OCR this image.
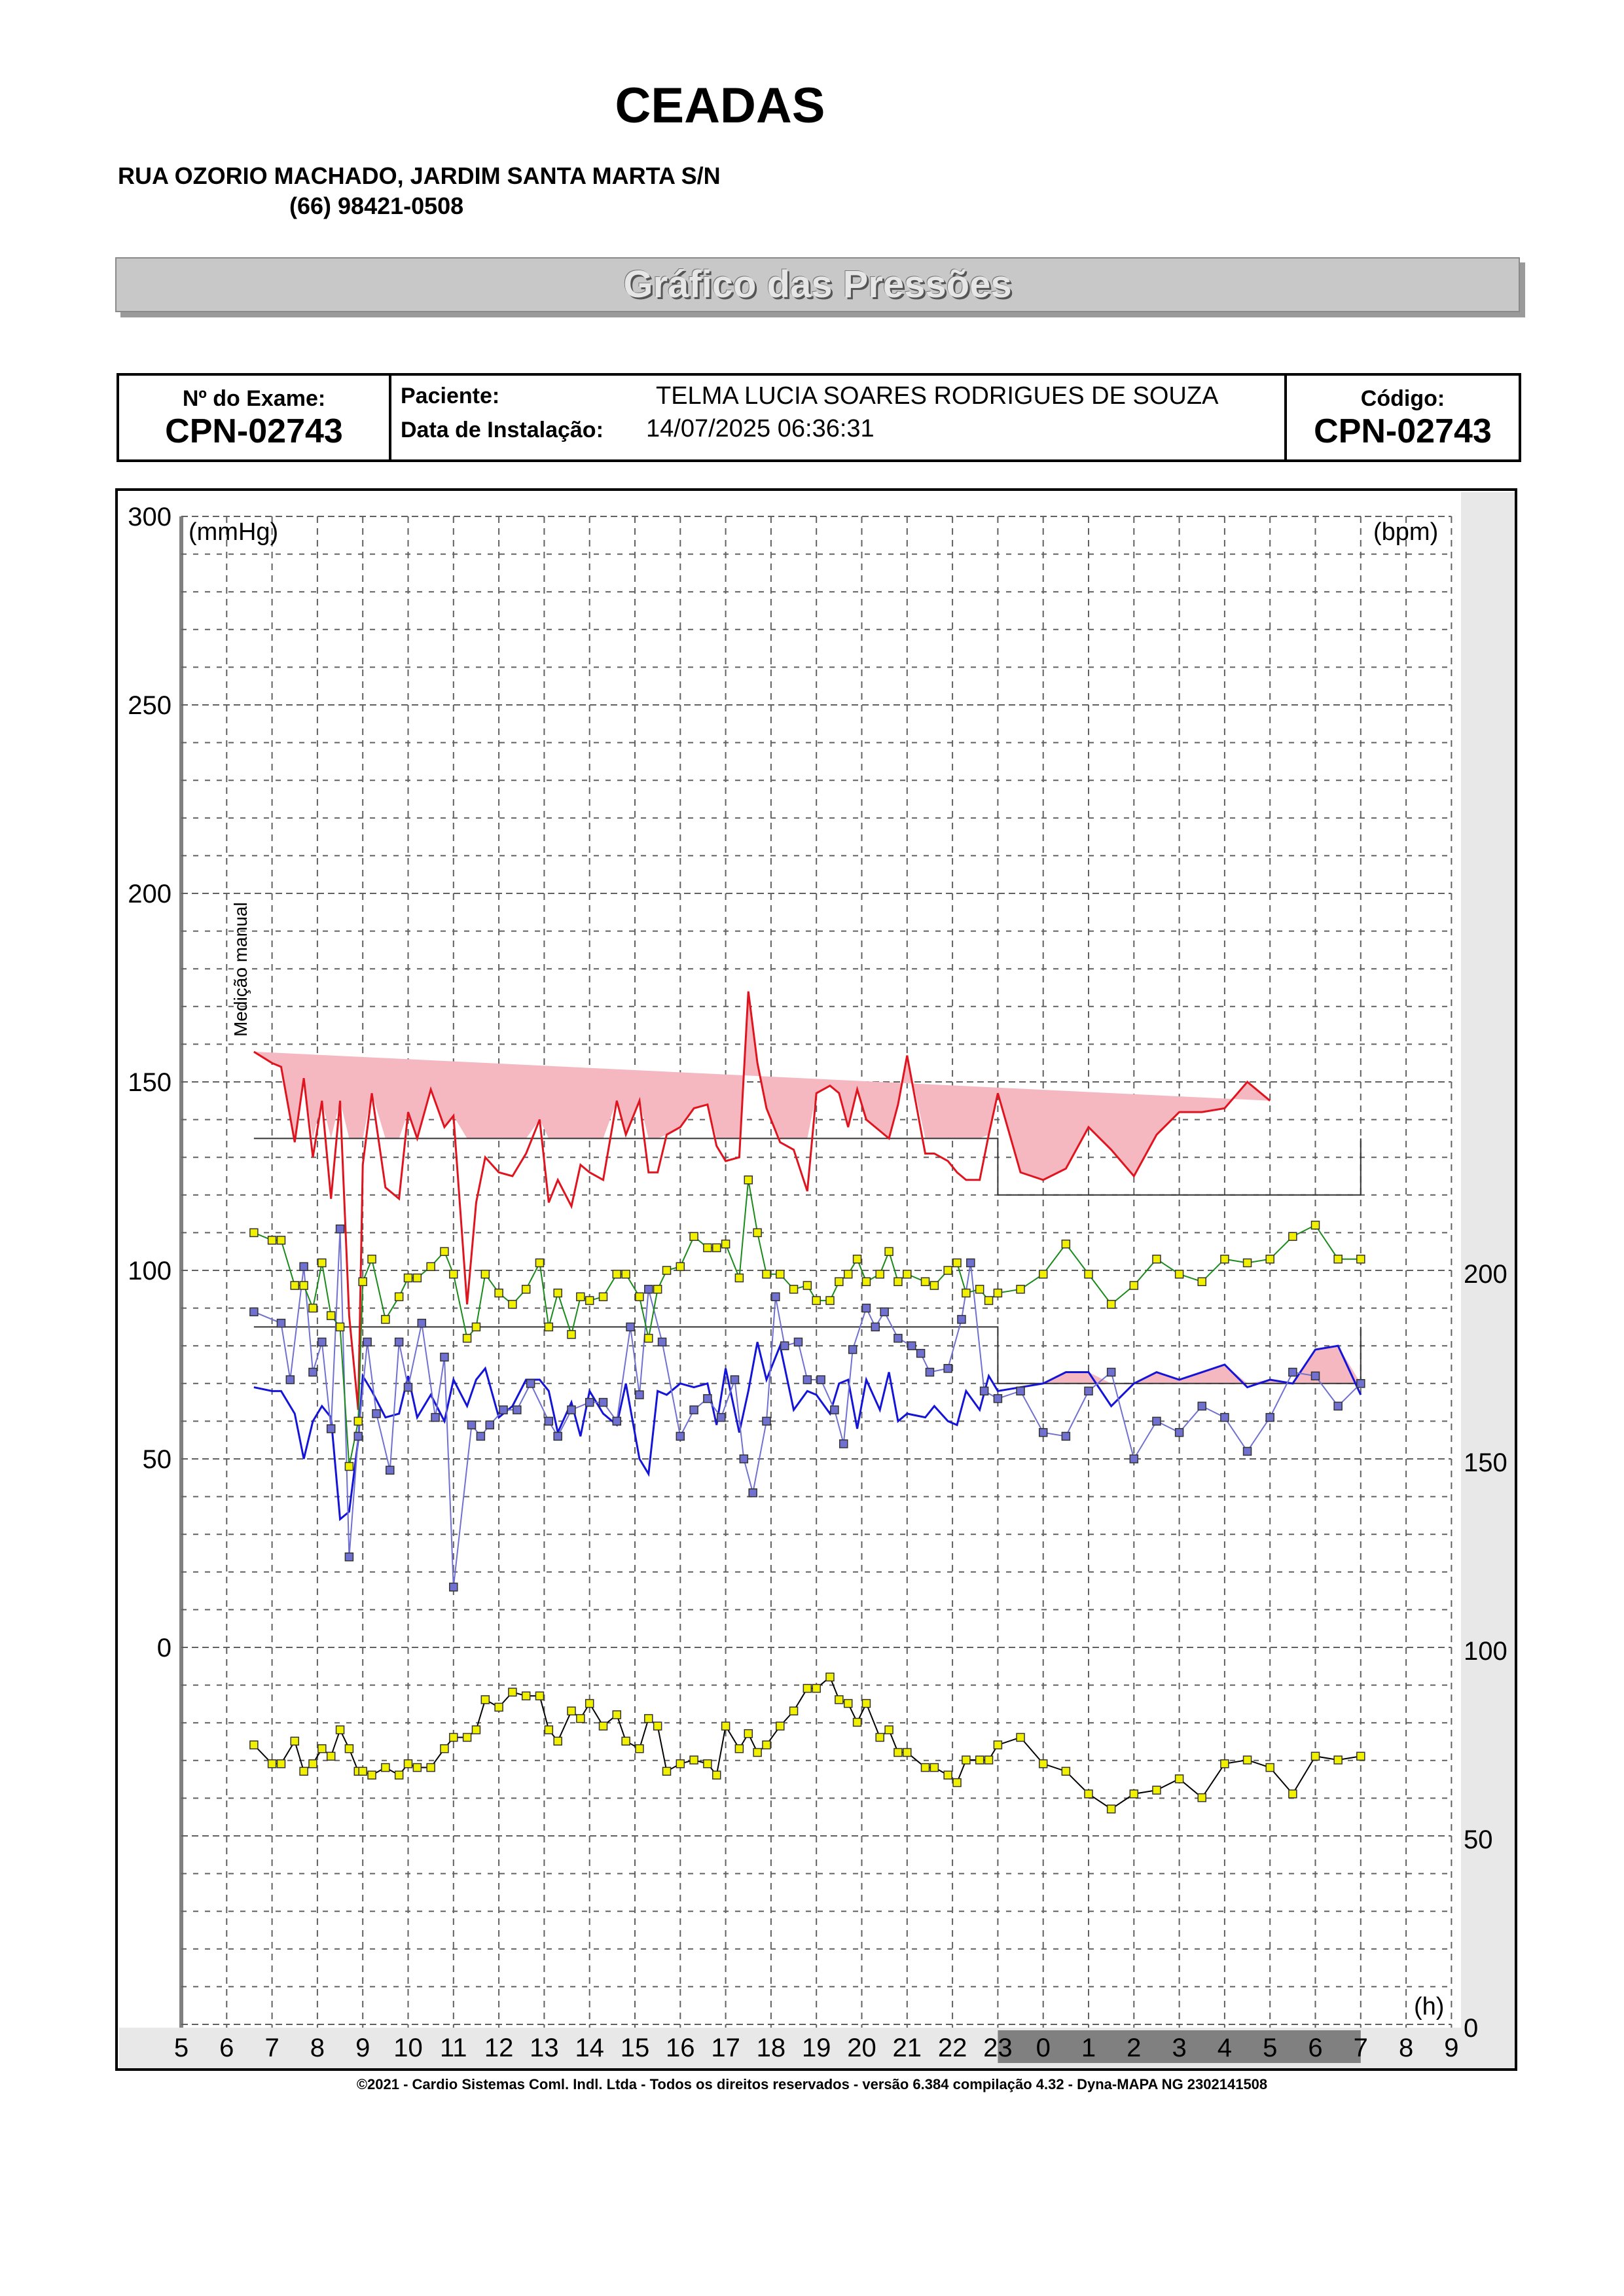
CEADAS
RUA OZORIO MACHADO, JARDIM SANTA MARTA S/N
(66) 98421-0508
Gráfico das Pressões
Nº do Exame:
CPN-02743
Paciente:	TELMA LUCIA SOARES RODRIGUES DE SOUZA
Data de Instalação: 14/07/2025 06:36:31
Código:
CPN-02743
0
50
100
150
200
250
300
0
50
100
150
200
5 6 7 8 9 10 11 12 13 14 15 16 17 18 19 20 21 22 23 0 1 2 3 4 5 6 7 8 9
(mmHg)	(bpm)
(h)
Medição manual
©2021 - Cardio Sistemas Coml. Indl. Ltda - Todos os direitos reservados - versão 6.384 compilação 4.32 - Dyna-MAPA NG 2302141508
